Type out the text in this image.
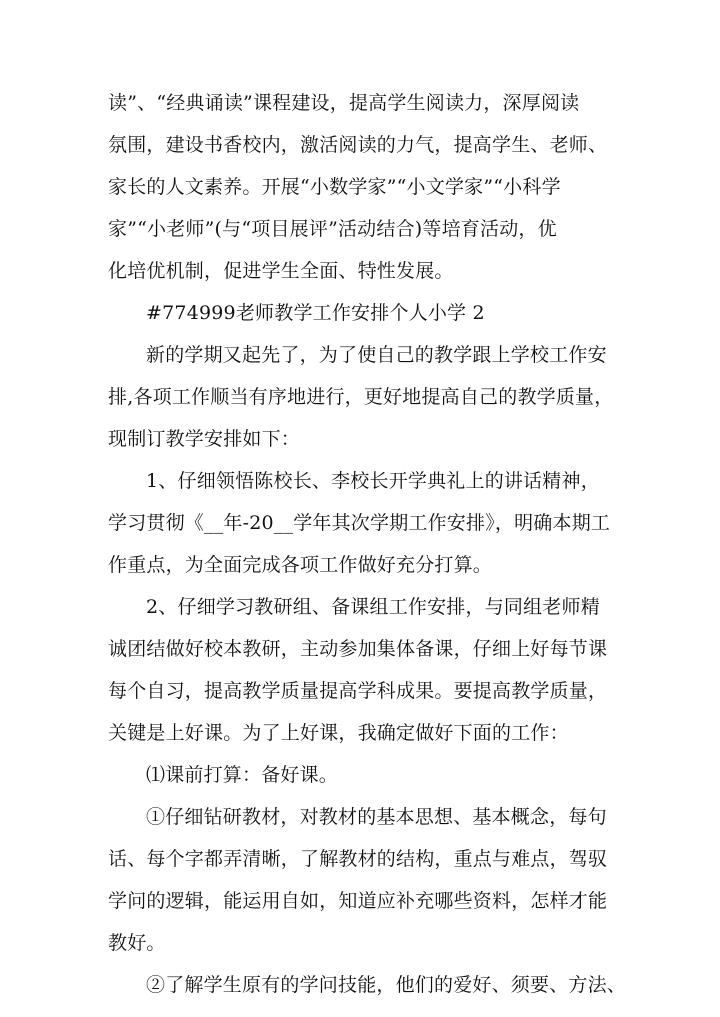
读”、“经典诵读”课程建设，提高学生阅读力，深厚阅读
氛围，建设书香校内，激活阅读的力气，提高学生、老师、
家长的人文素养。开展“小数学家”“小文学家”“小科学
家”“小老师”(与“项目展评”活动结合)等培育活动，优
化培优机制，促进学生全面、特性发展。
#774999老师教学工作安排个人小学 2
新的学期又起先了，为了使自己的教学跟上学校工作安
排,各项工作顺当有序地进行，更好地提高自己的教学质量，
现制订教学安排如下：
1、仔细领悟陈校长、李校长开学典礼上的讲话精神，
学习贯彻《__年-20__学年其次学期工作安排》，明确本期工
作重点，为全面完成各项工作做好充分打算。
2、仔细学习教研组、备课组工作安排，与同组老师精
诚团结做好校本教研，主动参加集体备课，仔细上好每节课
每个自习，提高教学质量提高学科成果。要提高教学质量，
关键是上好课。为了上好课，我确定做好下面的工作：
⑴课前打算：备好课。
①仔细钻研教材，对教材的基本思想、基本概念，每句
话、每个字都弄清晰，了解教材的结构，重点与难点，驾驭
学问的逻辑，能运用自如，知道应补充哪些资料，怎样才能
教好。
②了解学生原有的学问技能，他们的爱好、须要、方法、
